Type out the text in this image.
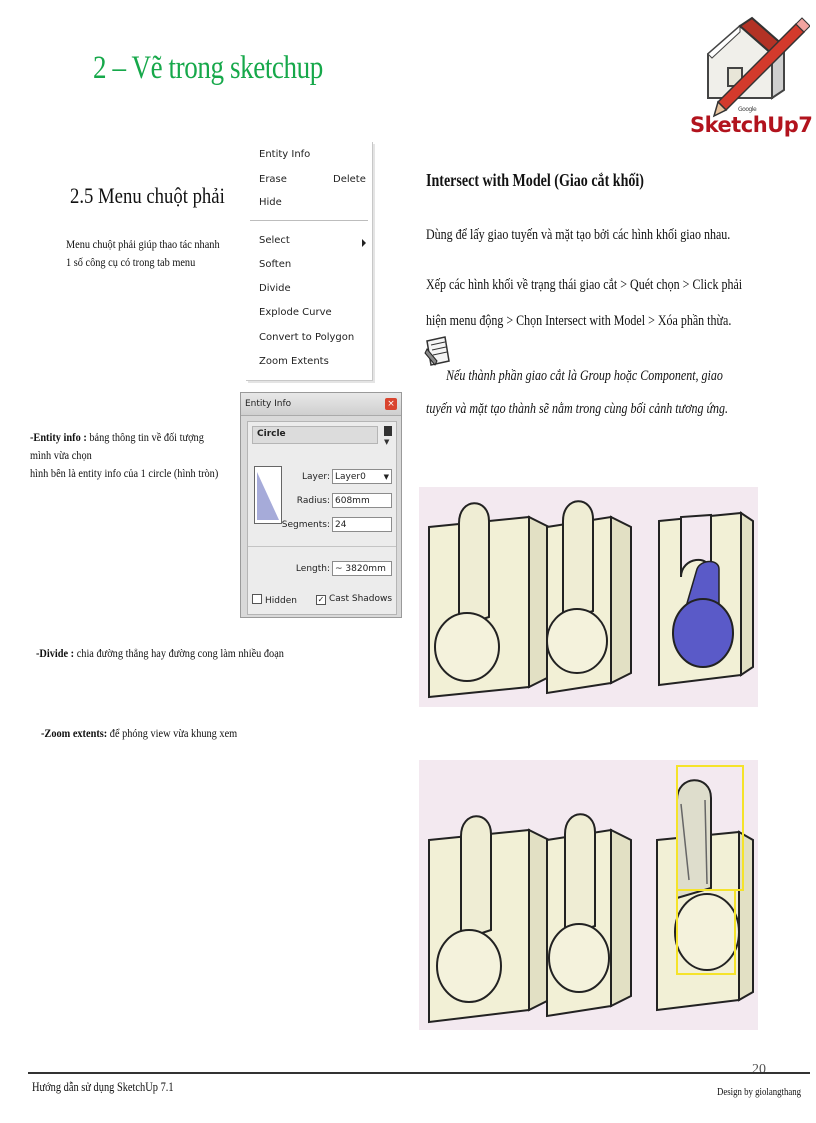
2 – Vẽ trong sketchup
Google
SketchUp7
2.5 Menu chuột phải
Menu chuột phải giúp thao tác nhanh
1 số công cụ có trong tab menu
Entity Info
Erase	Delete
Hide
Select
Soften
Divide
Explode Curve
Convert to Polygon
Zoom Extents
-Entity info : bảng thông tin về đối tượng
mình vừa chọn
hình bên là entity info của 1 circle (hình tròn)
Entity Info	×
Circle
▼
Layer: Layer0	▼
Radius: 608mm
Segments: 24
Length: ~ 3820mm
Hidden	✓ Cast Shadows
-Divide : chia đường thẳng hay đường cong làm nhiều đoạn
-Zoom extents: để phóng view vừa khung xem
Intersect with Model (Giao cắt khối)
Dùng để lấy giao tuyến và mặt tạo bởi các hình khối giao nhau.
Xếp các hình khối về trạng thái giao cắt > Quét chọn > Click phải
hiện menu động > Chọn Intersect with Model > Xóa phần thừa.
Nếu thành phần giao cắt là Group hoặc Component, giao
tuyến và mặt tạo thành sẽ nằm trong cùng bối cảnh tương ứng.
20
Hướng dẫn sử dụng SketchUp 7.1	Design by giolangthang
